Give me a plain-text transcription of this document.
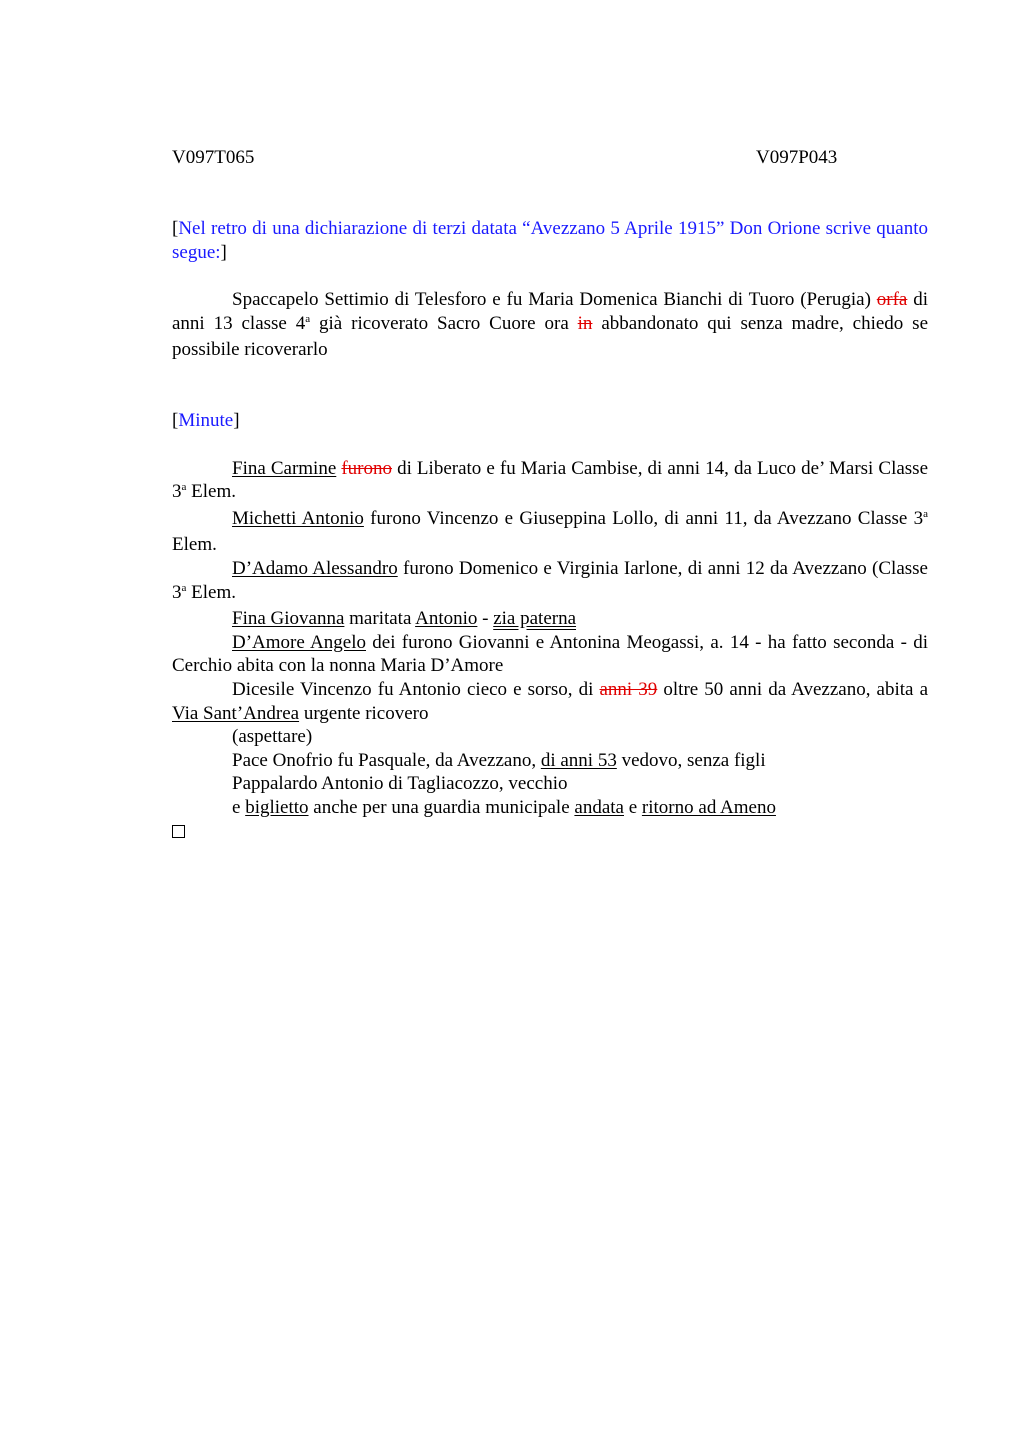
V097T065	V097P043

[Nel retro di una dichiarazione di terzi datata “Avezzano 5 Aprile 1915” Don Orione scrive quanto segue:]

Spaccapelo Settimio di Telesforo e fu Maria Domenica Bianchi di Tuoro (Perugia) orfa di anni 13 classe 4$^a$ già ricoverato Sacro Cuore ora in abbandonato qui senza madre, chiedo se possibile ricoverarlo

[Minute]

Fina Carmine furono di Liberato e fu Maria Cambise, di anni 14, da Luco de’ Marsi Classe 3$^a$ Elem.

Michetti Antonio furono Vincenzo e Giuseppina Lollo, di anni 11, da Avezzano Classe 3$^a$ Elem.

D’Adamo Alessandro furono Domenico e Virginia Iarlone, di anni 12 da Avezzano (Classe 3$^a$ Elem.

Fina Giovanna maritata Antonio - zia paterna

D’Amore Angelo dei furono Giovanni e Antonina Meogassi, a. 14 - ha fatto seconda - di Cerchio abita con la nonna Maria D’Amore

Dicesile Vincenzo fu Antonio cieco e sorso, di anni 39 oltre 50 anni da Avezzano, abita a Via Sant’Andrea urgente ricovero

(aspettare)

Pace Onofrio fu Pasquale, da Avezzano, di anni 53 vedovo, senza figli

Pappalardo Antonio di Tagliacozzo, vecchio

e biglietto anche per una guardia municipale andata e ritorno ad Ameno
